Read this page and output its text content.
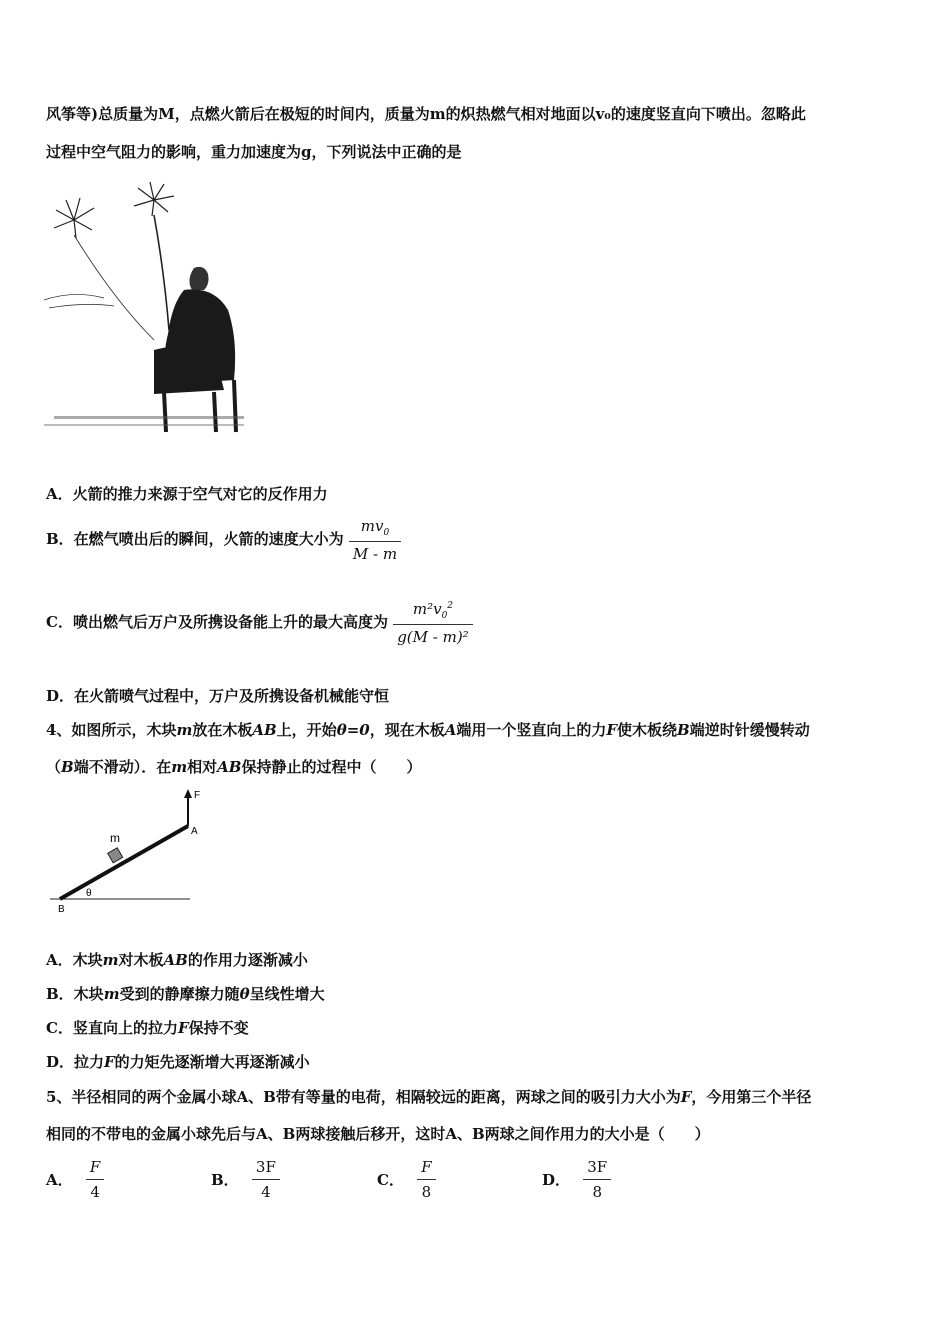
风筝等)总质量为M，点燃火箭后在极短的时间内，质量为m的炽热燃气相对地面以v₀的速度竖直向下喷出。忽略此
过程中空气阻力的影响，重力加速度为g，下列说法中正确的是
A．火箭的推力来源于空气对它的反作用力
B．在燃气喷出后的瞬间，火箭的速度大小为 $\frac{mv_0}{M - m}$
C．喷出燃气后万户及所携设备能上升的最大高度为 $\frac{m^2v_0^2}{\text{g(M - m)²}}$
D．在火箭喷气过程中，万户及所携设备机械能守恒
4、如图所示，木块m放在木板AB上，开始θ=0，现在木板A端用一个竖直向上的力F使木板绕B端逆时针缓慢转动
（B端不滑动）．在m相对AB保持静止的过程中（　　）
F
A
m
θ
B
A．木块m对木板AB的作用力逐渐减小
B．木块m受到的静摩擦力随θ呈线性增大
C．竖直向上的拉力F保持不变
D．拉力F的力矩先逐渐增大再逐渐减小
5、半径相同的两个金属小球A、B带有等量的电荷，相隔较远的距离，两球之间的吸引力大小为F，今用第三个半径
相同的不带电的金属小球先后与A、B两球接触后移开，这时A、B两球之间作用力的大小是（　　）
A． $\frac{F}{4}$	B． $\frac{3F}{4}$	C． $\frac{F}{8}$	D． $\frac{3F}{8}$
